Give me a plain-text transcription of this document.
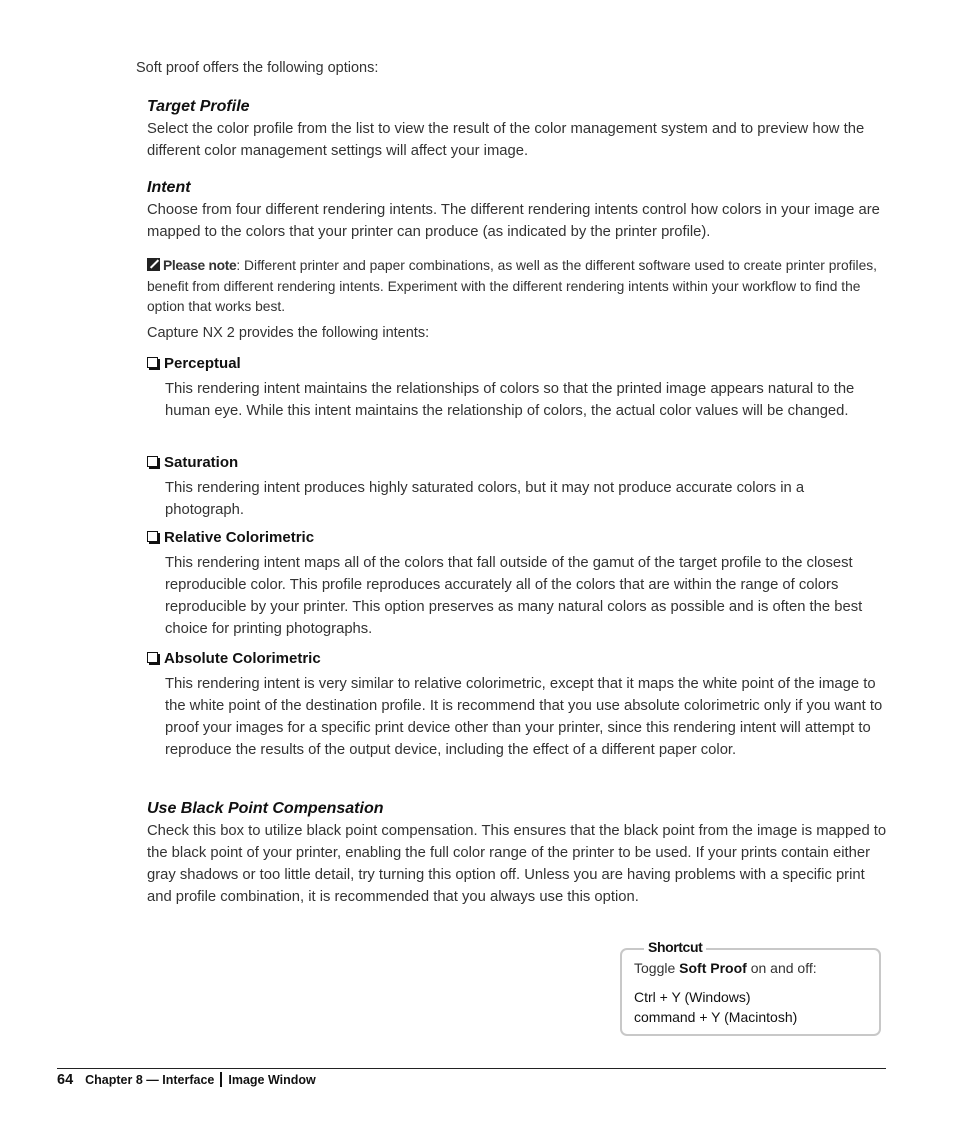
Soft proof offers the following options:

Target Profile

Select the color profile from the list to view the result of the color management system and to preview how the different color management settings will affect your image.

Intent

Choose from four different rendering intents. The different rendering intents control how colors in your image are mapped to the colors that your printer can produce (as indicated by the printer profile).

Please note: Different printer and paper combinations, as well as the different software used to create printer profiles, benefit from different rendering intents. Experiment with the different rendering intents within your workflow to find the option that works best.
Capture NX 2 provides the following intents:
Perceptual
This rendering intent maintains the relationships of colors so that the printed image appears natural to the human eye. While this intent maintains the relationship of colors, the actual color values will be changed.
Saturation
This rendering intent produces highly saturated colors, but it may not produce accurate colors in a photograph.
Relative Colorimetric
This rendering intent maps all of the colors that fall outside of the gamut of the target profile to the closest reproducible color. This profile reproduces accurately all of the colors that are within the range of colors reproducible by your printer. This option preserves as many natural colors as possible and is often the best choice for printing photographs.
Absolute Colorimetric
This rendering intent is very similar to relative colorimetric, except that it maps the white point of the image to the white point of the destination profile. It is recommend that you use absolute colorimetric only if you want to proof your images for a specific print device other than your printer, since this rendering intent will attempt to reproduce the results of the output device, including the effect of a different paper color.

Use Black Point Compensation

Check this box to utilize black point compensation. This ensures that the black point from the image is mapped to the black point of your printer, enabling the full color range of the printer to be used. If your prints contain either gray shadows or too little detail, try turning this option off. Unless you are having problems with a specific print and profile combination, it is recommended that you always use this option.

Shortcut
Toggle Soft Proof on and off:
Ctrl + Y (Windows)
command + Y (Macintosh)
64 Chapter 8 — Interface Image Window
